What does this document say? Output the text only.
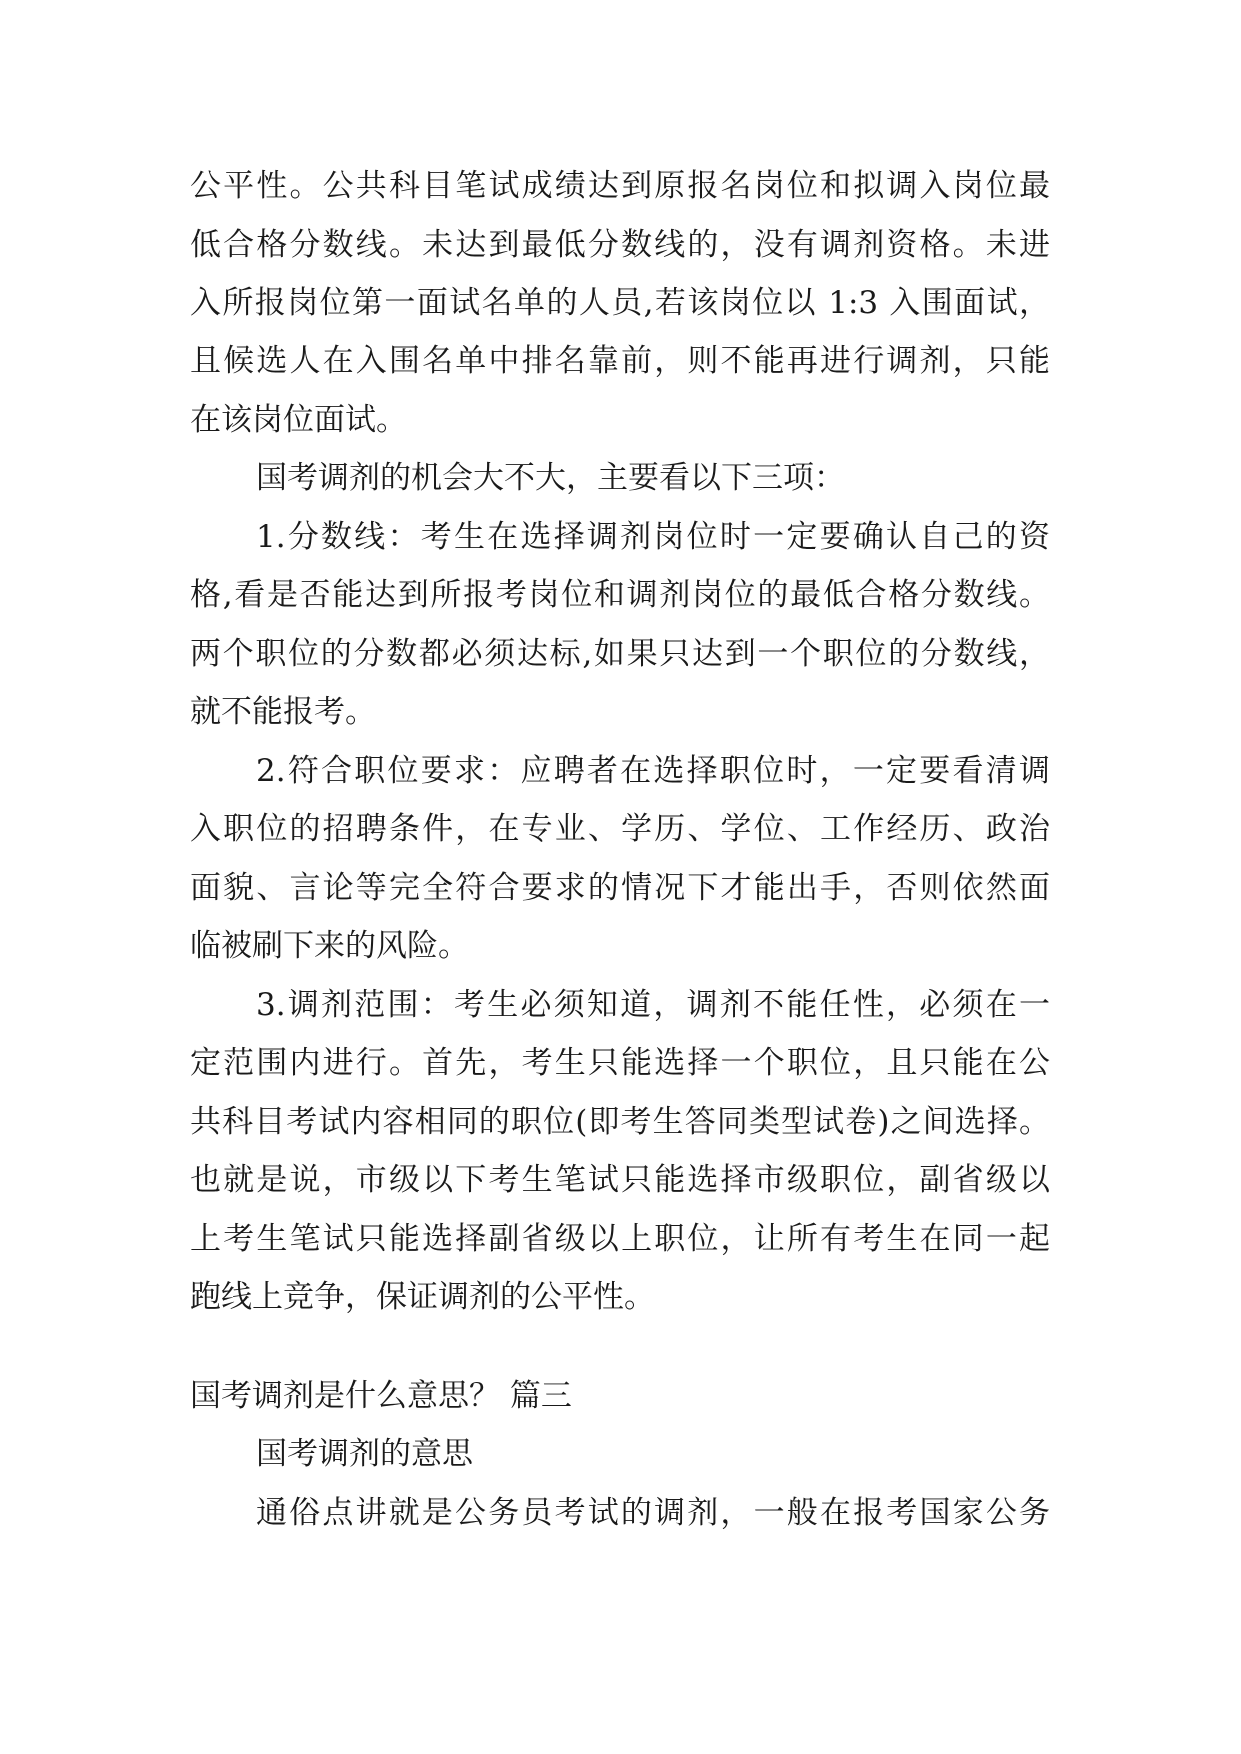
公平性。公共科目笔试成绩达到原报名岗位和拟调入岗位最
低合格分数线。未达到最低分数线的，没有调剂资格。未进
入所报岗位第一面试名单的人员,若该岗位以 1:3 入围面试，
且候选人在入围名单中排名靠前，则不能再进行调剂，只能
在该岗位面试。
国考调剂的机会大不大，主要看以下三项：
1.分数线：考生在选择调剂岗位时一定要确认自己的资
格,看是否能达到所报考岗位和调剂岗位的最低合格分数线。
两个职位的分数都必须达标,如果只达到一个职位的分数线，
就不能报考。
2.符合职位要求：应聘者在选择职位时，一定要看清调
入职位的招聘条件，在专业、学历、学位、工作经历、政治
面貌、言论等完全符合要求的情况下才能出手，否则依然面
临被刷下来的风险。
3.调剂范围：考生必须知道，调剂不能任性，必须在一
定范围内进行。首先，考生只能选择一个职位，且只能在公
共科目考试内容相同的职位(即考生答同类型试卷)之间选择。
也就是说，市级以下考生笔试只能选择市级职位，副省级以
上考生笔试只能选择副省级以上职位，让所有考生在同一起
跑线上竞争，保证调剂的公平性。
国考调剂是什么意思？ 篇三
国考调剂的意思
通俗点讲就是公务员考试的调剂，一般在报考国家公务
